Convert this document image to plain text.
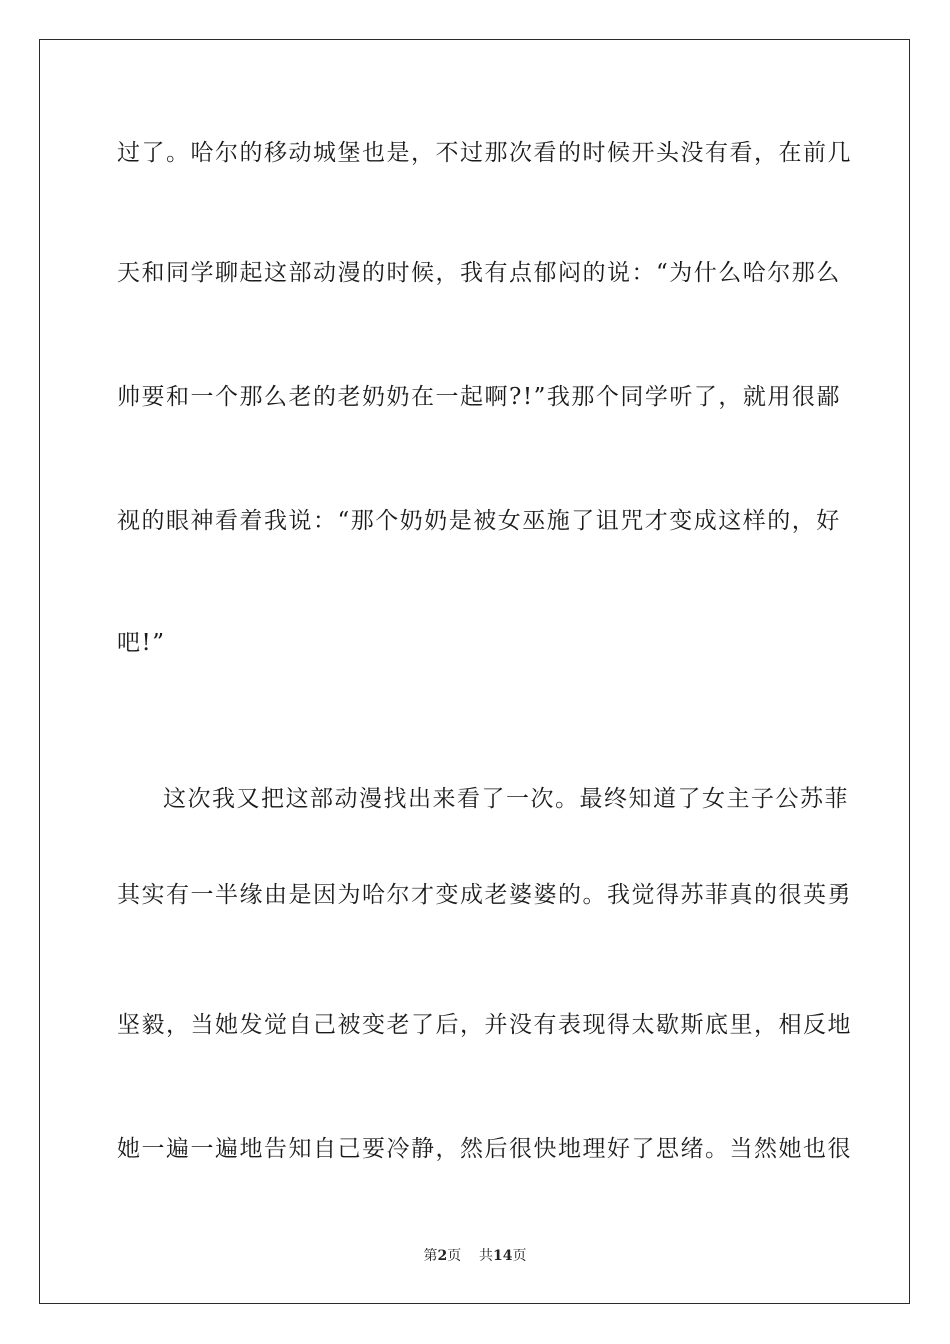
过了。哈尔的移动城堡也是，不过那次看的时候开头没有看，在前几
天和同学聊起这部动漫的时候，我有点郁闷的说：“为什么哈尔那么
帅要和一个那么老的老奶奶在一起啊?!”我那个同学听了，就用很鄙
视的眼神看着我说：“那个奶奶是被女巫施了诅咒才变成这样的，好
吧!”
这次我又把这部动漫找出来看了一次。最终知道了女主子公苏菲
其实有一半缘由是因为哈尔才变成老婆婆的。我觉得苏菲真的很英勇
坚毅，当她发觉自己被变老了后，并没有表现得太歇斯底里，相反地
她一遍一遍地告知自己要冷静，然后很快地理好了思绪。当然她也很
第2页 共14页
